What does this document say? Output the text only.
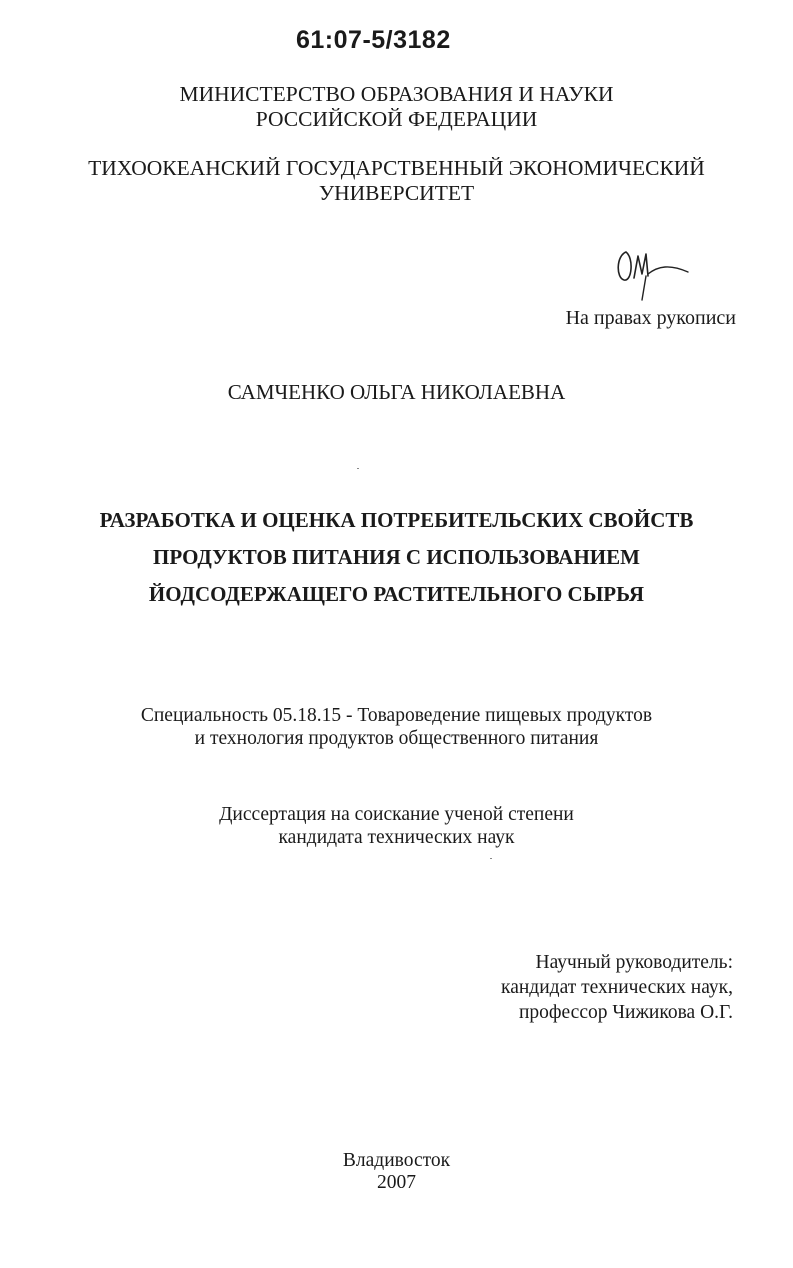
61:07-5/3182
МИНИСТЕРСТВО ОБРАЗОВАНИЯ И НАУКИ
РОССИЙСКОЙ ФЕДЕРАЦИИ
ТИХООКЕАНСКИЙ ГОСУДАРСТВЕННЫЙ ЭКОНОМИЧЕСКИЙ
УНИВЕРСИТЕТ
На правах рукописи
САМЧЕНКО ОЛЬГА НИКОЛАЕВНА
РАЗРАБОТКА И ОЦЕНКА ПОТРЕБИТЕЛЬСКИХ СВОЙСТВ
ПРОДУКТОВ ПИТАНИЯ С ИСПОЛЬЗОВАНИЕМ
ЙОДСОДЕРЖАЩЕГО РАСТИТЕЛЬНОГО СЫРЬЯ
Специальность 05.18.15 - Товароведение пищевых продуктов
и технология продуктов общественного питания
Диссертация на соискание ученой степени
кандидата технических наук
Научный руководитель:
кандидат технических наук,
профессор Чижикова О.Г.
Владивосток
2007
